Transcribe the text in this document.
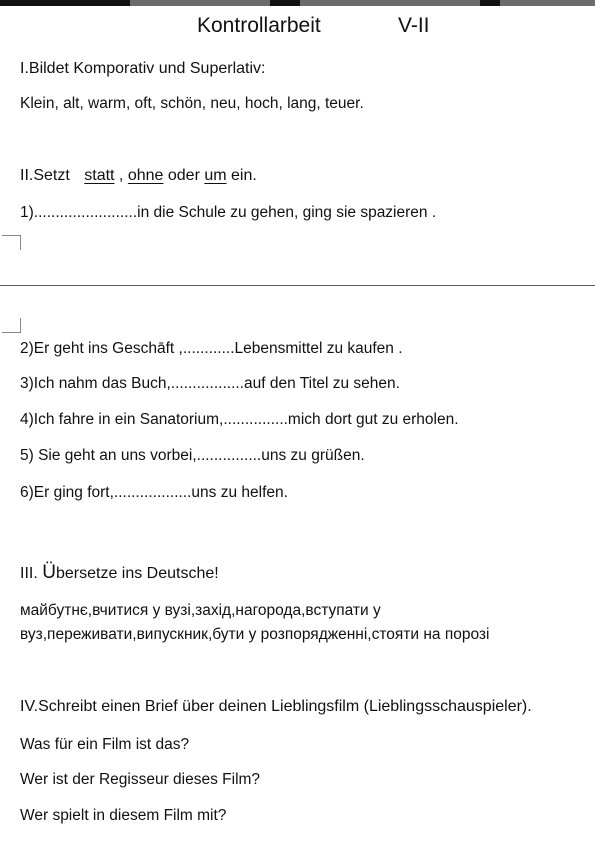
Kontrollarbeit	V-II
I.Bildet Komporativ und Superlativ:
Klein, alt, warm, oft, schön, neu, hoch, lang, teuer.
II.Setzt statt , ohne oder um ein.
1)........................in die Schule zu gehen, ging sie spazieren .
2)Er geht ins Geschāft ,............Lebensmittel zu kaufen .
3)Ich nahm das Buch,.................auf den Titel zu sehen.
4)Ich fahre in ein Sanatorium,...............mich dort gut zu erholen.
5) Sie geht an uns vorbei,...............uns zu grüßen.
6)Er ging fort,..................uns zu helfen.
III. Übersetze ins Deutsche!
майбутнє,вчитися у вузі,захід,нагорода,вступати у
вуз,переживати,випускник,бути у розпорядженні,стояти на порозі
IV.Schreibt einen Brief über deinen Lieblingsfilm (Lieblingsschauspieler).
Was für ein Film ist das?
Wer ist der Regisseur dieses Film?
Wer spielt in diesem Film mit?
